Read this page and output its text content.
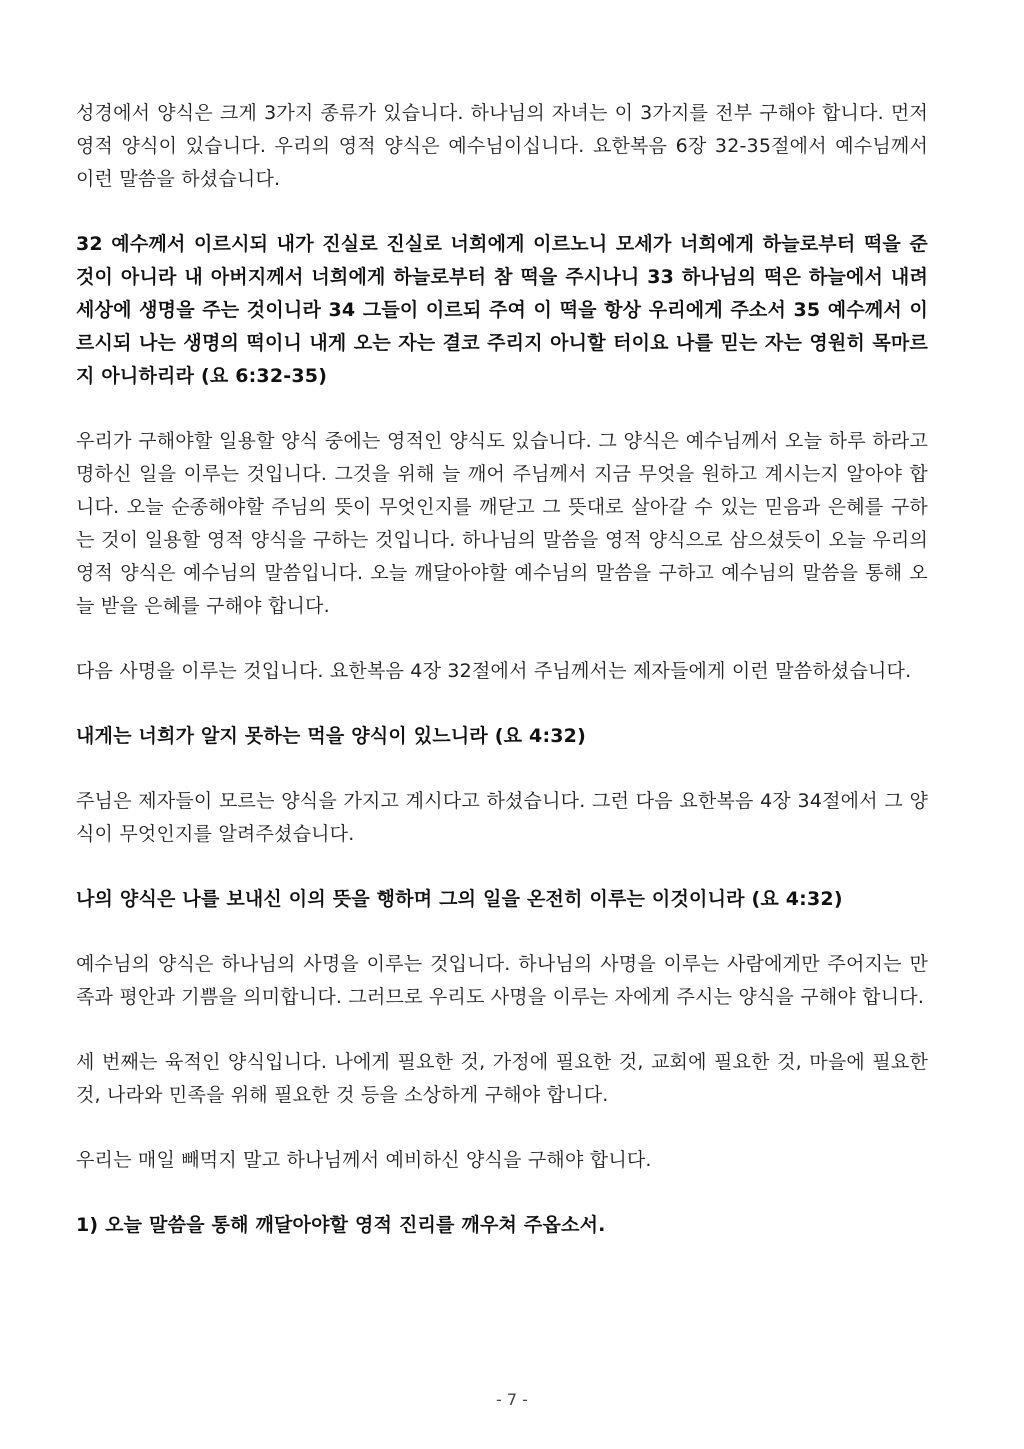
성경에서 양식은 크게 3가지 종류가 있습니다. 하나님의 자녀는 이 3가지를 전부 구해야 합니다. 먼저 영적 양식이 있습니다. 우리의 영적 양식은 예수님이십니다. 요한복음 6장 32-35절에서 예수님께서 이런 말씀을 하셨습니다.

32 예수께서 이르시되 내가 진실로 진실로 너희에게 이르노니 모세가 너희에게 하늘로부터 떡을 준 것이 아니라 내 아버지께서 너희에게 하늘로부터 참 떡을 주시나니 33 하나님의 떡은 하늘에서 내려 세상에 생명을 주는 것이니라 34 그들이 이르되 주여 이 떡을 항상 우리에게 주소서 35 예수께서 이르시되 나는 생명의 떡이니 내게 오는 자는 결코 주리지 아니할 터이요 나를 믿는 자는 영원히 목마르지 아니하리라 (요 6:32-35)

우리가 구해야할 일용할 양식 중에는 영적인 양식도 있습니다. 그 양식은 예수님께서 오늘 하루 하라고 명하신 일을 이루는 것입니다. 그것을 위해 늘 깨어 주님께서 지금 무엇을 원하고 계시는지 알아야 합니다. 오늘 순종해야할 주님의 뜻이 무엇인지를 깨닫고 그 뜻대로 살아갈 수 있는 믿음과 은혜를 구하는 것이 일용할 영적 양식을 구하는 것입니다. 하나님의 말씀을 영적 양식으로 삼으셨듯이 오늘 우리의 영적 양식은 예수님의 말씀입니다. 오늘 깨달아야할 예수님의 말씀을 구하고 예수님의 말씀을 통해 오늘 받을 은혜를 구해야 합니다.

다음 사명을 이루는 것입니다. 요한복음 4장 32절에서 주님께서는 제자들에게 이런 말씀하셨습니다.

내게는 너희가 알지 못하는 먹을 양식이 있느니라 (요 4:32)

주님은 제자들이 모르는 양식을 가지고 계시다고 하셨습니다. 그런 다음 요한복음 4장 34절에서 그 양식이 무엇인지를 알려주셨습니다.

나의 양식은 나를 보내신 이의 뜻을 행하며 그의 일을 온전히 이루는 이것이니라 (요 4:32)

예수님의 양식은 하나님의 사명을 이루는 것입니다. 하나님의 사명을 이루는 사람에게만 주어지는 만족과 평안과 기쁨을 의미합니다. 그러므로 우리도 사명을 이루는 자에게 주시는 양식을 구해야 합니다.

세 번째는 육적인 양식입니다. 나에게 필요한 것, 가정에 필요한 것, 교회에 필요한 것, 마을에 필요한 것, 나라와 민족을 위해 필요한 것 등을 소상하게 구해야 합니다.

우리는 매일 빼먹지 말고 하나님께서 예비하신 양식을 구해야 합니다.

1) 오늘 말씀을 통해 깨달아야할 영적 진리를 깨우쳐 주옵소서.

- 7 -
